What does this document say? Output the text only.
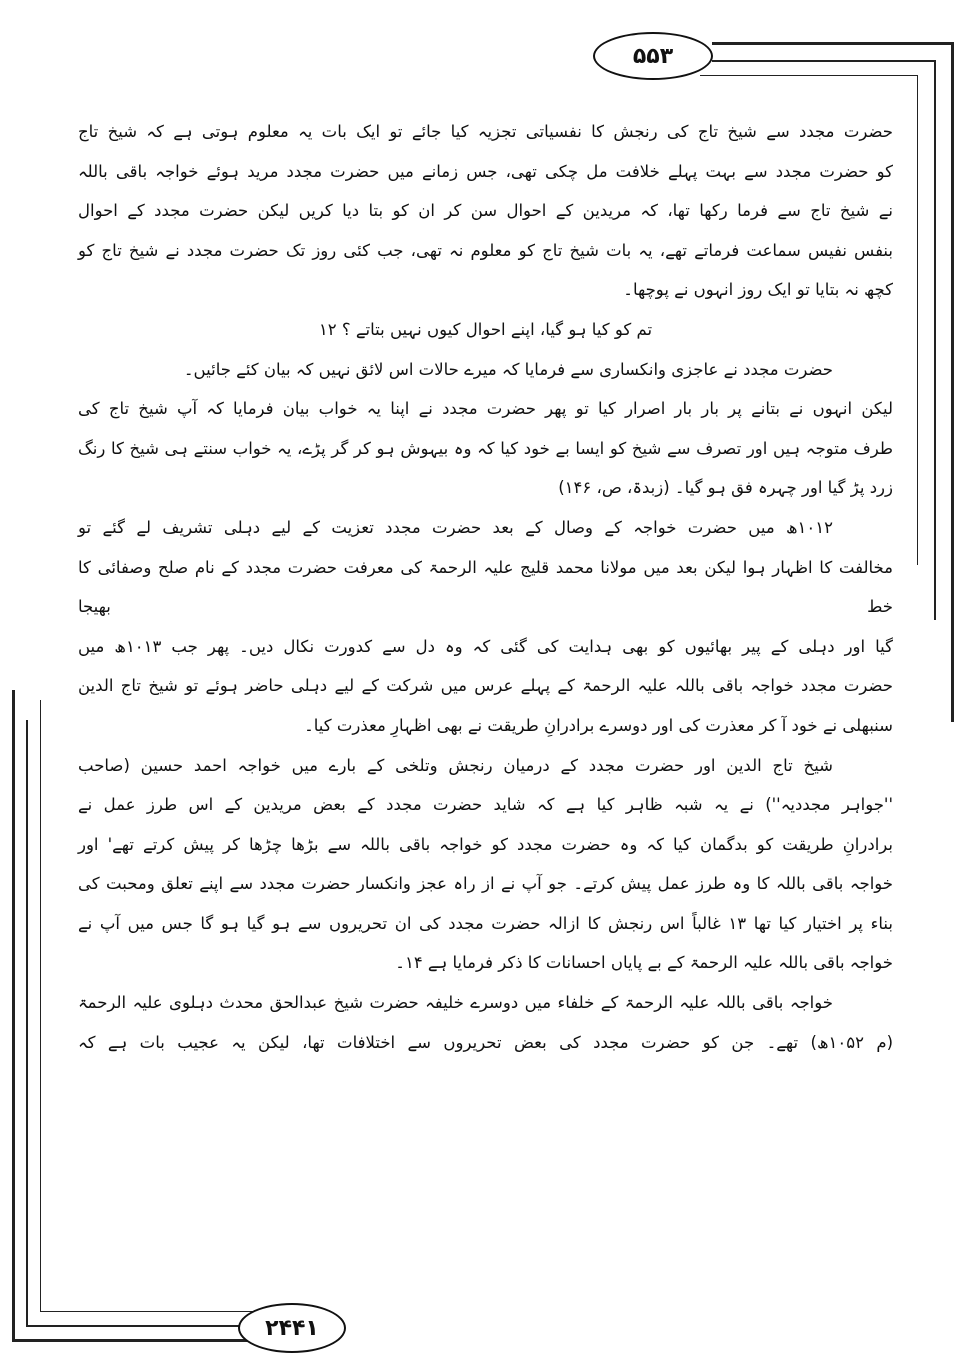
۵۵۳
۲۴۴۱
حضرت مجدد سے شیخ تاج کی رنجش کا نفسیاتی تجزیہ کیا جائے تو ایک بات یہ معلوم ہوتی ہے کہ شیخ تاج
کو حضرت مجدد سے بہت پہلے خلافت مل چکی تھی، جس زمانے میں حضرت مجدد مرید ہوئے خواجہ باقی باللہ
نے شیخ تاج سے فرما رکھا تھا، کہ مریدین کے احوال سن کر ان کو بتا دیا کریں لیکن حضرت مجدد کے احوال
بنفس نفیس سماعت فرماتے تھے، یہ بات شیخ تاج کو معلوم نہ تھی، جب کئی روز تک حضرت مجدد نے شیخ تاج کو
کچھ نہ بتایا تو ایک روز انہوں نے پوچھا۔
تم کو کیا ہو گیا، اپنے احوال کیوں نہیں بتاتے ؟ ۱۲
حضرت مجدد نے عاجزی وانکساری سے فرمایا کہ میرے حالات اس لائق نہیں کہ بیان کئے جائیں۔
لیکن انہوں نے بتانے پر بار بار اصرار کیا تو پھر حضرت مجدد نے اپنا یہ خواب بیان فرمایا کہ آپ شیخ تاج کی
طرف متوجہ ہیں اور تصرف سے شیخ کو ایسا بے خود کیا کہ وہ بیہوش ہو کر گر پڑے، یہ خواب سنتے ہی شیخ کا رنگ
زرد پڑ گیا اور چہرہ فق ہو گیا۔ (زبدۃ، ص، ۱۴۶)
۱۰۱۲ھ میں حضرت خواجہ کے وصال کے بعد حضرت مجدد تعزیت کے لیے دہلی تشریف لے گئے تو
مخالفت کا اظہار ہوا لیکن بعد میں مولانا محمد قلیج علیہ الرحمۃ کی معرفت حضرت مجدد کے نام صلح وصفائی کا خط بھیجا
گیا اور دہلی کے پیر بھائیوں کو بھی ہدایت کی گئی کہ وہ دل سے کدورت نکال دیں۔ پھر جب ۱۰۱۳ھ میں
حضرت مجدد خواجہ باقی باللہ علیہ الرحمۃ کے پہلے عرس میں شرکت کے لیے دہلی حاضر ہوئے تو شیخ تاج الدین
سنبھلی نے خود آ کر معذرت کی اور دوسرے برادرانِ طریقت نے بھی اظہارِ معذرت کیا۔
شیخ تاج الدین اور حضرت مجدد کے درمیان رنجش وتلخی کے بارے میں خواجہ احمد حسین (صاحب
''جواہر مجددیہ'') نے یہ شبہ ظاہر کیا ہے کہ شاید حضرت مجدد کے بعض مریدین کے اس طرز عمل نے
برادرانِ طریقت کو بدگمان کیا کہ وہ حضرت مجدد کو خواجہ باقی باللہ سے بڑھا چڑھا کر پیش کرتے تھے' اور
خواجہ باقی باللہ کا وہ طرز عمل پیش کرتے۔ جو آپ نے از راہ عجز وانکسار حضرت مجدد سے اپنے تعلق ومحبت کی
بناء پر اختیار کیا تھا ۱۳ غالباً اس رنجش کا ازالہ حضرت مجدد کی ان تحریروں سے ہو گیا ہو گا جس میں آپ نے
خواجہ باقی باللہ علیہ الرحمۃ کے بے پایاں احسانات کا ذکر فرمایا ہے ۱۴۔
خواجہ باقی باللہ علیہ الرحمۃ کے خلفاء میں دوسرے خلیفہ حضرت شیخ عبدالحق محدث دہلوی علیہ الرحمۃ
(م ۱۰۵۲ھ) تھے۔ جن کو حضرت مجدد کی بعض تحریروں سے اختلافات تھا، لیکن یہ عجیب بات ہے کہ
